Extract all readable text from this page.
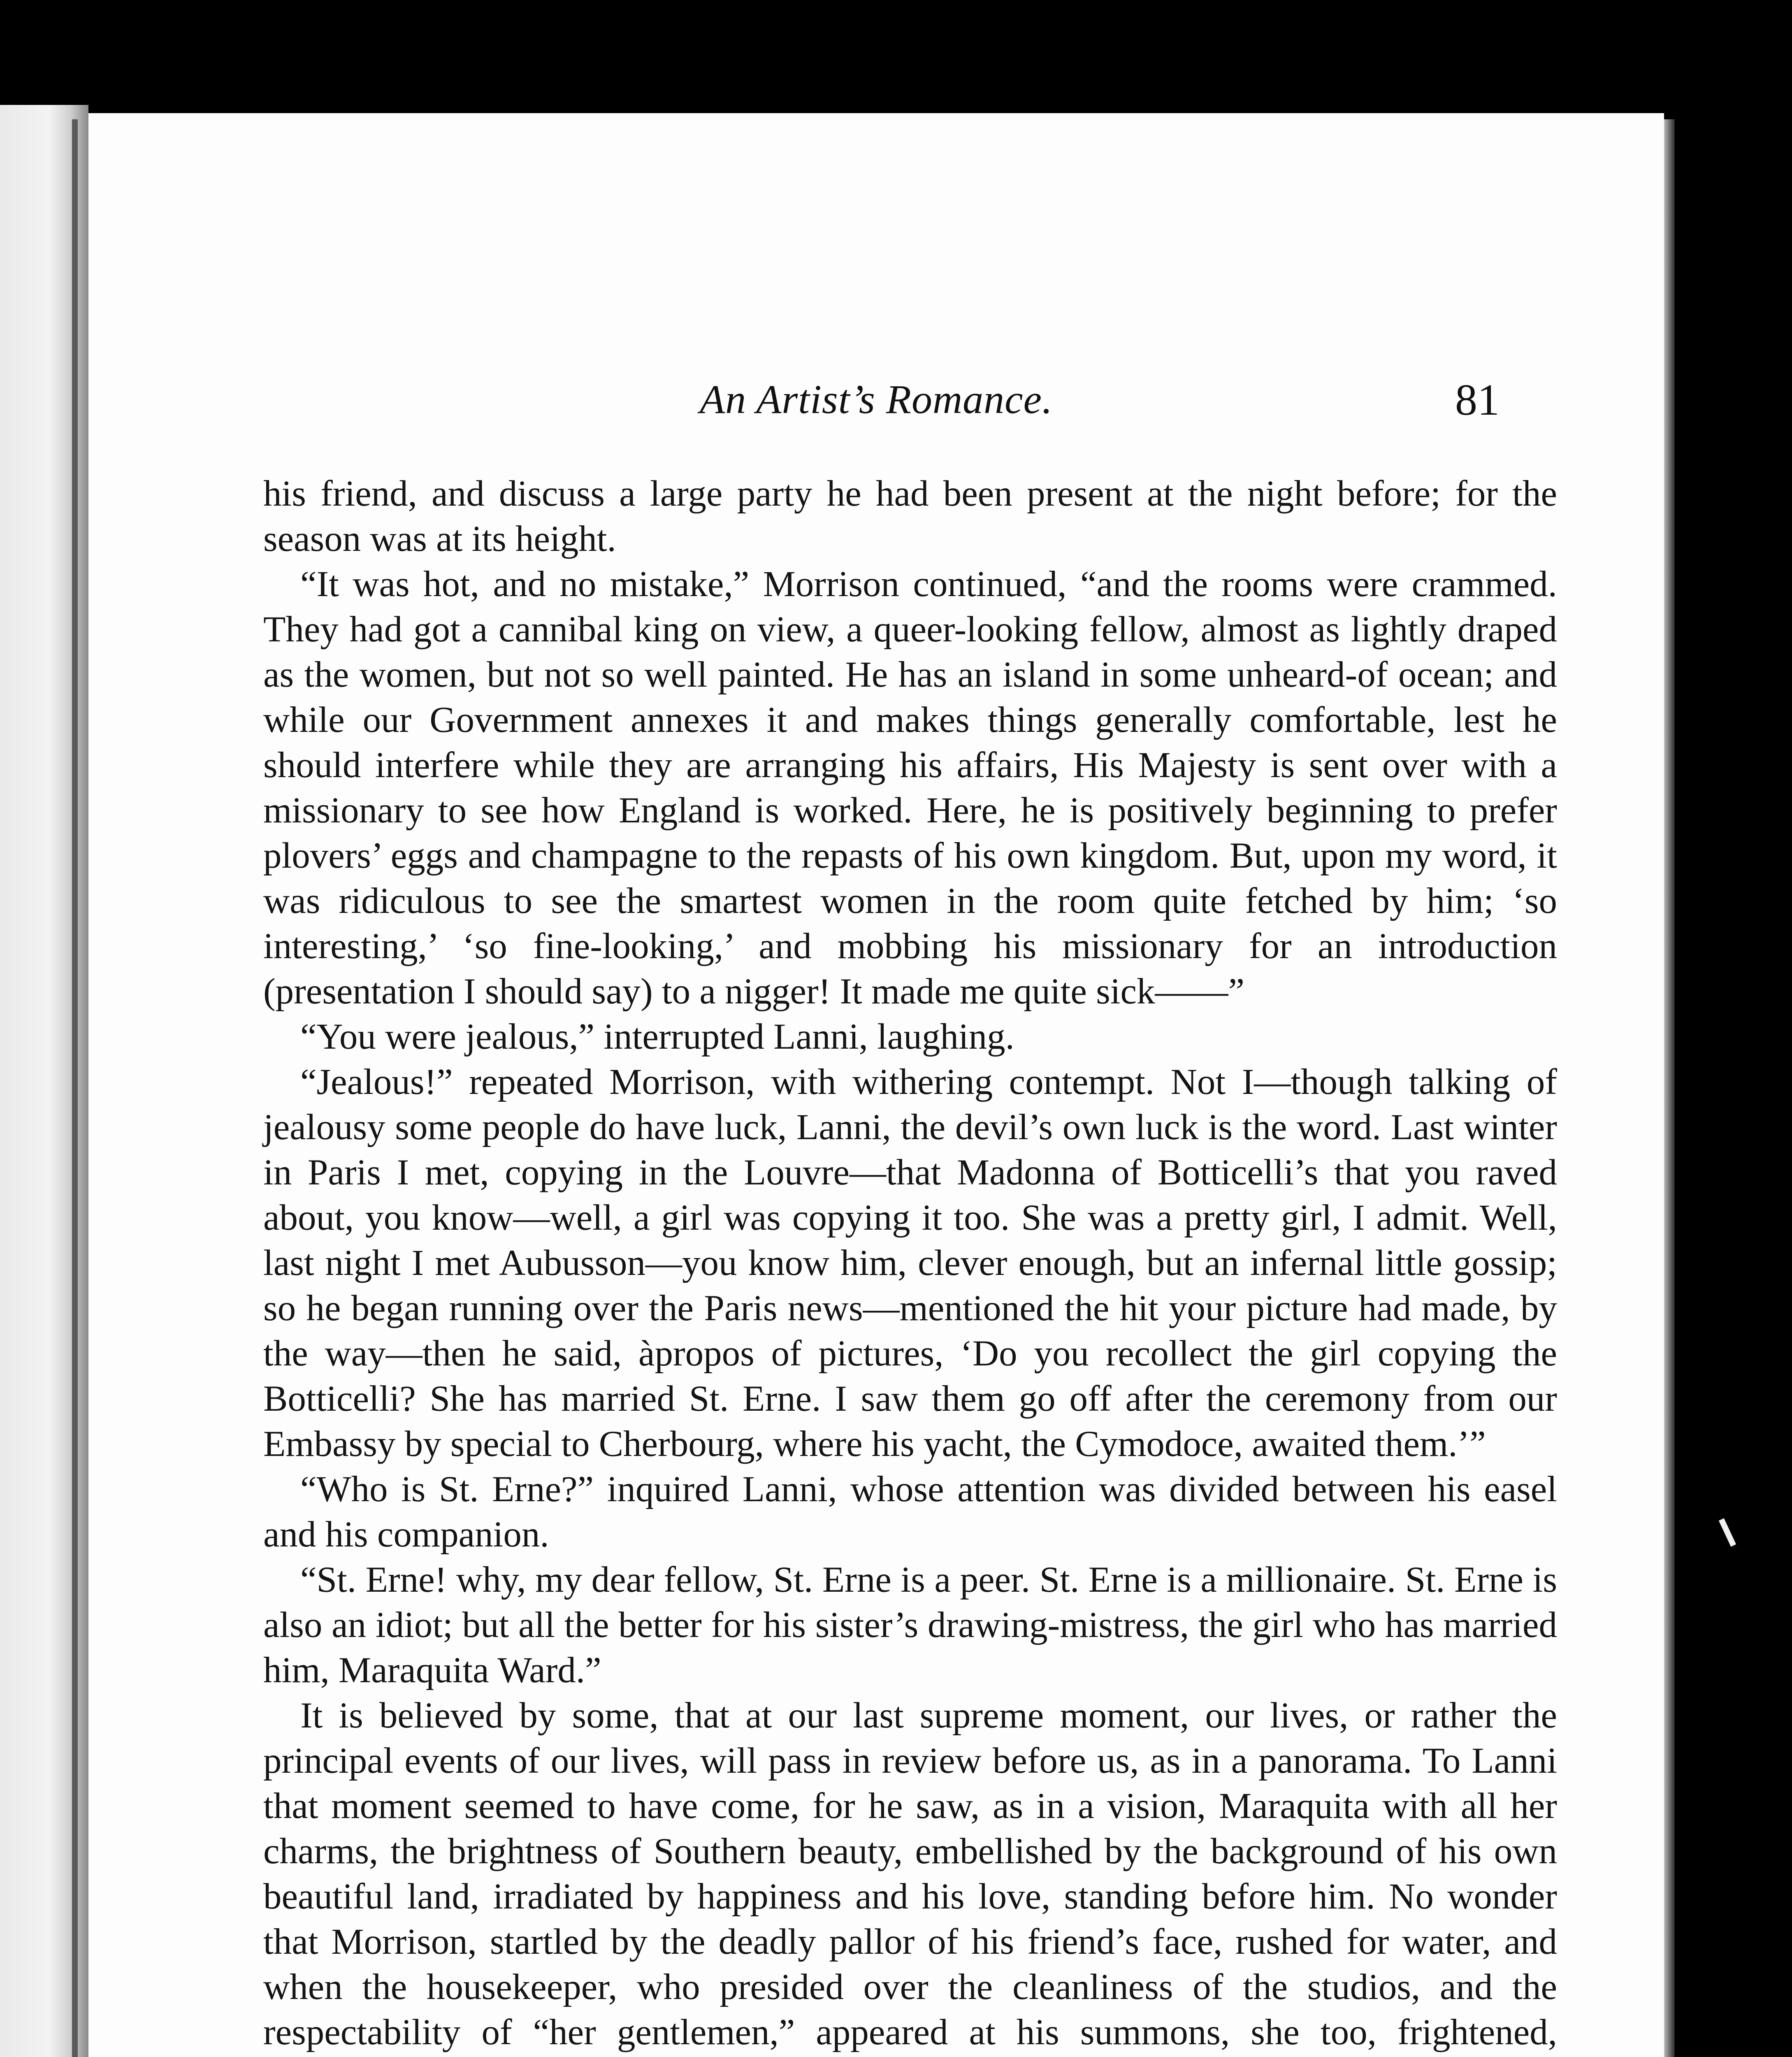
An Artist’s Romance.	81

his friend, and discuss a large party he had been present at the night before; for the season was at its height.

“It was hot, and no mistake,” Morrison continued, “and the rooms were crammed. They had got a cannibal king on view, a queer-looking fellow, almost as lightly draped as the women, but not so well painted. He has an island in some unheard-of ocean; and while our Government annexes it and makes things generally comfortable, lest he should interfere while they are arranging his affairs, His Majesty is sent over with a missionary to see how England is worked. Here, he is positively beginning to prefer plovers’ eggs and champagne to the repasts of his own kingdom. But, upon my word, it was ridiculous to see the smartest women in the room quite fetched by him; ‘so interesting,’ ‘so fine-looking,’ and mobbing his missionary for an introduction (presentation I should say) to a nigger! It made me quite sick——”

“You were jealous,” interrupted Lanni, laughing.

“Jealous!” repeated Morrison, with withering contempt. Not I—though talking of jealousy some people do have luck, Lanni, the devil’s own luck is the word. Last winter in Paris I met, copying in the Louvre—that Madonna of Botticelli’s that you raved about, you know—well, a girl was copying it too. She was a pretty girl, I admit. Well, last night I met Aubusson—you know him, clever enough, but an infernal little gossip; so he began running over the Paris news—mentioned the hit your picture had made, by the way—then he said, àpropos of pictures, ‘Do you recollect the girl copying the Botticelli? She has married St. Erne. I saw them go off after the ceremony from our Embassy by special to Cherbourg, where his yacht, the Cymodoce, awaited them.’”

“Who is St. Erne?” inquired Lanni, whose attention was divided between his easel and his companion.

“St. Erne! why, my dear fellow, St. Erne is a peer. St. Erne is a millionaire. St. Erne is also an idiot; but all the better for his sister’s drawing-mistress, the girl who has married him, Maraquita Ward.”

It is believed by some, that at our last supreme moment, our lives, or rather the principal events of our lives, will pass in review before us, as in a panorama. To Lanni that moment seemed to have come, for he saw, as in a vision, Maraquita with all her charms, the brightness of Southern beauty, embellished by the background of his own beautiful land, irradiated by happiness and his love, standing before him. No wonder that Morrison, startled by the deadly pallor of his friend’s face, rushed for water, and when the housekeeper, who presided over the cleanliness of the studios, and the respectability of “her gentlemen,” appeared at his summons, she too, frightened,
